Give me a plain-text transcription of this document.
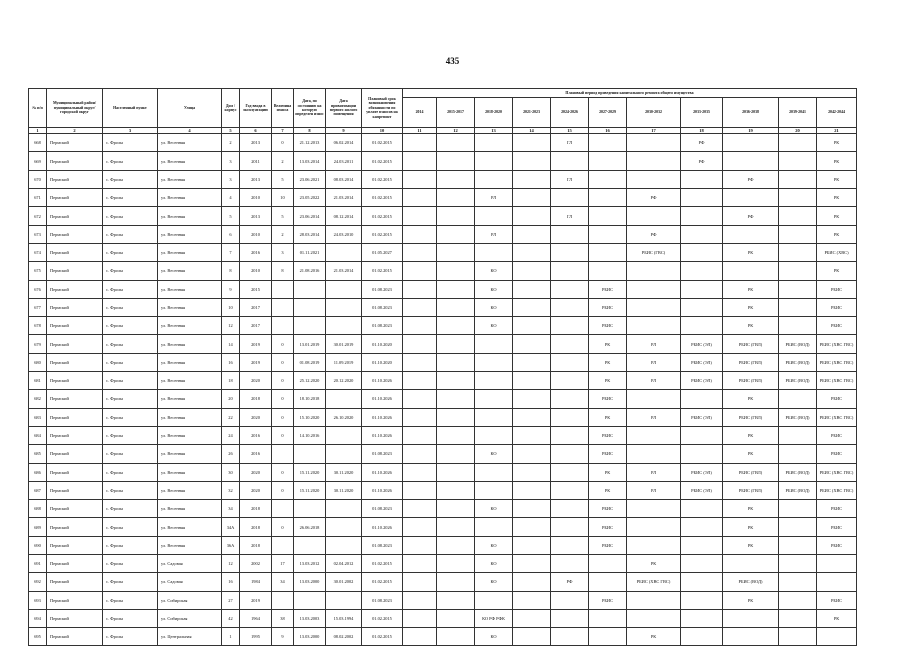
435
№ п/п	Муниципальный район/муниципальный округ/городской округ	Населенный пункт	Улица	Дом / корпус	Год ввода в эксплуатацию	Величина износа	Дата, по состоянию на которую определен износ	Дата приватизации первого жилого помещения	Плановый срок возникновения обязанности по уплате взносов на капремонт	Плановый период проведения капитального ремонта общего имущества										
										2014	2015-2017	2018-2020	2021-2023	2024-2026	2027-2029	2030-2032	2033-2035	2036-2038	2039-2041	2042-2044
1	2	3	4	5	6	7	8	9	10	11	12	13	14	15	16	17	18	19	20	21
668	Пермский	с. Фролы	ул. Весенняя	2	2013	0	21.12.2013	06.02.2014	01.02.2015					ГЛ			РФ			РК
669	Пермский	с. Фролы	ул. Весенняя	3	2011	2	13.03.2014	24.03.2011	01.02.2015								РФ			РК
670	Пермский	с. Фролы	ул. Весенняя	3	2013	5	23.06.2021	08.03.2014	01.02.2015					ГЛ				РФ		РК
671	Пермский	с. Фролы	ул. Весенняя	4	2010	10	23.05.2022	21.03.2014	01.02.2015			РЛ				РФ				РК
672	Пермский	с. Фролы	ул. Весенняя	5	2013	5	23.06.2014	08.12.2014	01.02.2015					ГЛ				РФ		РК
673	Пермский	с. Фролы	ул. Весенняя	6	2010	2	28.03.2014	24.03.2010	01.02.2015			РЛ				РФ				РК
674	Пермский	с. Фролы	ул. Весенняя	7	2016	3	01.11.2021		01.05.2027							РБИС (ГВС)		РК		РБИС (ХВС)
675	Пермский	с. Фролы	ул. Весенняя	8	2010	8	21.08.2016	21.03.2014	01.02.2015			КО								РК
676	Пермский	с. Фролы	ул. Весенняя	9	2015				01.08.2023			КО			РБИС			РК		РБИС
677	Пермский	с. Фролы	ул. Весенняя	10	2017				01.08.2023			КО			РБИС			РК		РБИС
678	Пермский	с. Фролы	ул. Весенняя	12	2017				01.08.2023			КО			РБИС			РК		РБИС
679	Пермский	с. Фролы	ул. Весенняя	14	2019	0	13.01.2019	30.01.2019	01.10.2020						РК	РЛ	РБИС (ЭЛ)	РБИС (ГВЛ)	РБИС (ВОД)	РБИС (ХВС ГВС)
680	Пермский	с. Фролы	ул. Весенняя	16	2019	0	01.08.2019	11.09.2019	01.10.2020						РК	РЛ	РБИС (ЭЛ)	РБИС (ГВЛ)	РБИС (ВОД)	РБИС (ХВС ГВС)
681	Пермский	с. Фролы	ул. Весенняя	18	2020	0	25.12.2020	20.12.2020	01.10.2026						РК	РЛ	РБИС (ЭЛ)	РБИС (ГВЛ)	РБИС (ВОД)	РБИС (ХВС ГВС)
682	Пермский	с. Фролы	ул. Весенняя	20	2018	0	18.10.2018		01.10.2026						РБИС			РК		РБИС
683	Пермский	с. Фролы	ул. Весенняя	22	2020	0	15.10.2020	26.10.2020	01.10.2026						РК	РЛ	РБИС (ЭЛ)	РБИС (ГВЛ)	РБИС (ВОД)	РБИС (ХВС ГВС)
684	Пермский	с. Фролы	ул. Весенняя	24	2016	0	14.10.2016		01.10.2026						РБИС			РК		РБИС
685	Пермский	с. Фролы	ул. Весенняя	26	2016				01.08.2023			КО			РБИС			РК		РБИС
686	Пермский	с. Фролы	ул. Весенняя	30	2020	0	15.11.2020	30.11.2020	01.10.2026						РК	РЛ	РБИС (ЭЛ)	РБИС (ГВЛ)	РБИС (ВОД)	РБИС (ХВС ГВС)
687	Пермский	с. Фролы	ул. Весенняя	32	2020	0	15.11.2020	30.11.2020	01.10.2026						РК	РЛ	РБИС (ЭЛ)	РБИС (ГВЛ)	РБИС (ВОД)	РБИС (ХВС ГВС)
688	Пермский	с. Фролы	ул. Весенняя	34	2018				01.08.2023			КО			РБИС			РК		РБИС
689	Пермский	с. Фролы	ул. Весенняя	34А	2018	0	26.06.2018		01.10.2026						РБИС			РК		РБИС
690	Пермский	с. Фролы	ул. Весенняя	36А	2018				01.08.2023			КО			РБИС			РК		РБИС
691	Пермский	с. Фролы	ул. Садовая	12	2002	17	13.03.2012	02.04.2012	01.02.2015			КО				РК				
692	Пермский	с. Фролы	ул. Садовая	16	1984	34	13.03.2000	30.01.2002	01.02.2015			КО		РФ		РБИС (ХВС ГВС)		РБИС (ВОД)		
693	Пермский	с. Фролы	ул. Сибирская	27	2019				01.08.2023						РБИС			РК		РБИС
694	Пермский	с. Фролы	ул. Сибирская	42	1964	38	13.03.2003	15.03.1994	01.02.2015			КО РФ РФК								РК
695	Пермский	с. Фролы	ул. Центральная	1	1995	9	13.03.2000	08.02.2002	01.02.2015			КО				РК				
